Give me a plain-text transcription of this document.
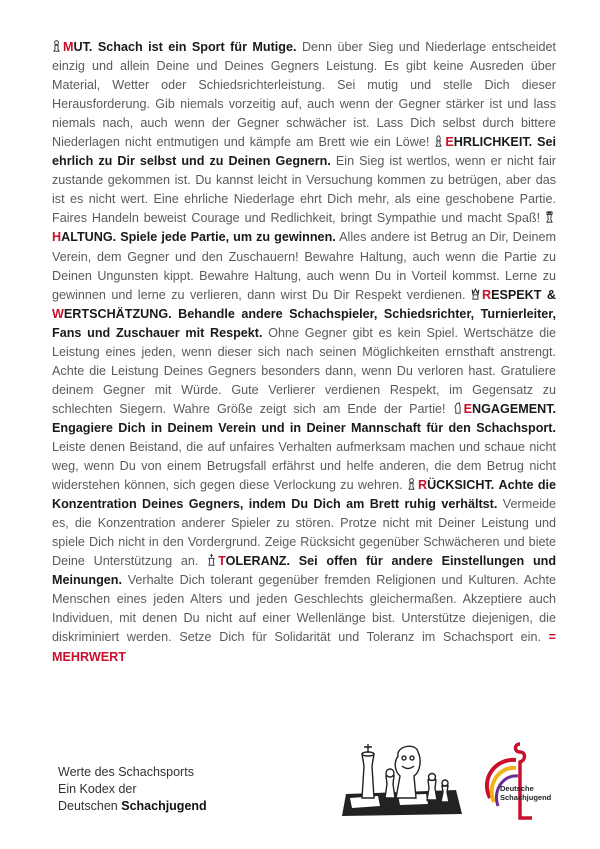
MUT. Schach ist ein Sport für Mutige. Denn über Sieg und Niederlage entscheidet einzig und allein Deine und Deines Gegners Leistung. Es gibt keine Ausreden über Material, Wetter oder Schiedsrichterleistung. Sei mutig und stelle Dich dieser Herausforderung. Gib niemals vorzeitig auf, auch wenn der Gegner stärker ist und lass niemals nach, auch wenn der Gegner schwächer ist. Lass Dich selbst durch bittere Niederlagen nicht entmutigen und kämpfe am Brett wie ein Löwe! EHRLICHKEIT. Sei ehrlich zu Dir selbst und zu Deinen Gegnern. Ein Sieg ist wertlos, wenn er nicht fair zustande gekommen ist. Du kannst leicht in Versuchung kommen zu betrügen, aber das ist es nicht wert. Eine ehrliche Niederlage ehrt Dich mehr, als eine geschobene Partie. Faires Handeln beweist Courage und Redlichkeit, bringt Sympathie und macht Spaß! HALTUNG. Spiele jede Partie, um zu gewinnen. Alles andere ist Betrug an Dir, Deinem Verein, dem Gegner und den Zuschauern! Bewahre Haltung, auch wenn die Partie zu Deinen Ungunsten kippt. Bewahre Haltung, auch wenn Du in Vorteil kommst. Lerne zu gewinnen und lerne zu verlieren, dann wirst Du Dir Respekt verdienen. RESPEKT & WERTSCHÄTZUNG. Behandle andere Schachspieler, Schiedsrichter, Turnierleiter, Fans und Zuschauer mit Respekt. Ohne Gegner gibt es kein Spiel. Wertschätze die Leistung eines jeden, wenn dieser sich nach seinen Möglichkeiten ernsthaft anstrengt. Achte die Leistung Deines Gegners besonders dann, wenn Du verloren hast. Gratuliere deinem Gegner mit Würde. Gute Verlierer verdienen Respekt, im Gegensatz zu schlechten Siegern. Wahre Größe zeigt sich am Ende der Partie! ENGAGEMENT. Engagiere Dich in Deinem Verein und in Deiner Mannschaft für den Schachsport. Leiste denen Beistand, die auf unfaires Verhalten aufmerksam machen und schaue nicht weg, wenn Du von einem Betrugsfall erfährst und helfe anderen, die dem Betrug nicht widerstehen können, sich gegen diese Verlockung zu wehren. RÜCKSICHT. Achte die Konzentration Deines Gegners, indem Du Dich am Brett ruhig verhältst. Vermeide es, die Konzentration anderer Spieler zu stören. Protze nicht mit Deiner Leistung und spiele Dich nicht in den Vordergrund. Zeige Rücksicht gegenüber Schwächeren und biete Deine Unterstützung an. TOLERANZ. Sei offen für andere Einstellungen und Meinungen. Verhalte Dich tolerant gegenüber fremden Religionen und Kulturen. Achte Menschen eines jeden Alters und jeden Geschlechts gleichermaßen. Akzeptiere auch Individuen, mit denen Du nicht auf einer Wellenlänge bist. Unterstütze diejenigen, die diskriminiert werden. Setze Dich für Solidarität und Toleranz im Schachsport ein. = MEHRWERT
Werte des Schachsports
Ein Kodex der
Deutschen Schachjugend
Deutsche
Schachjugend
